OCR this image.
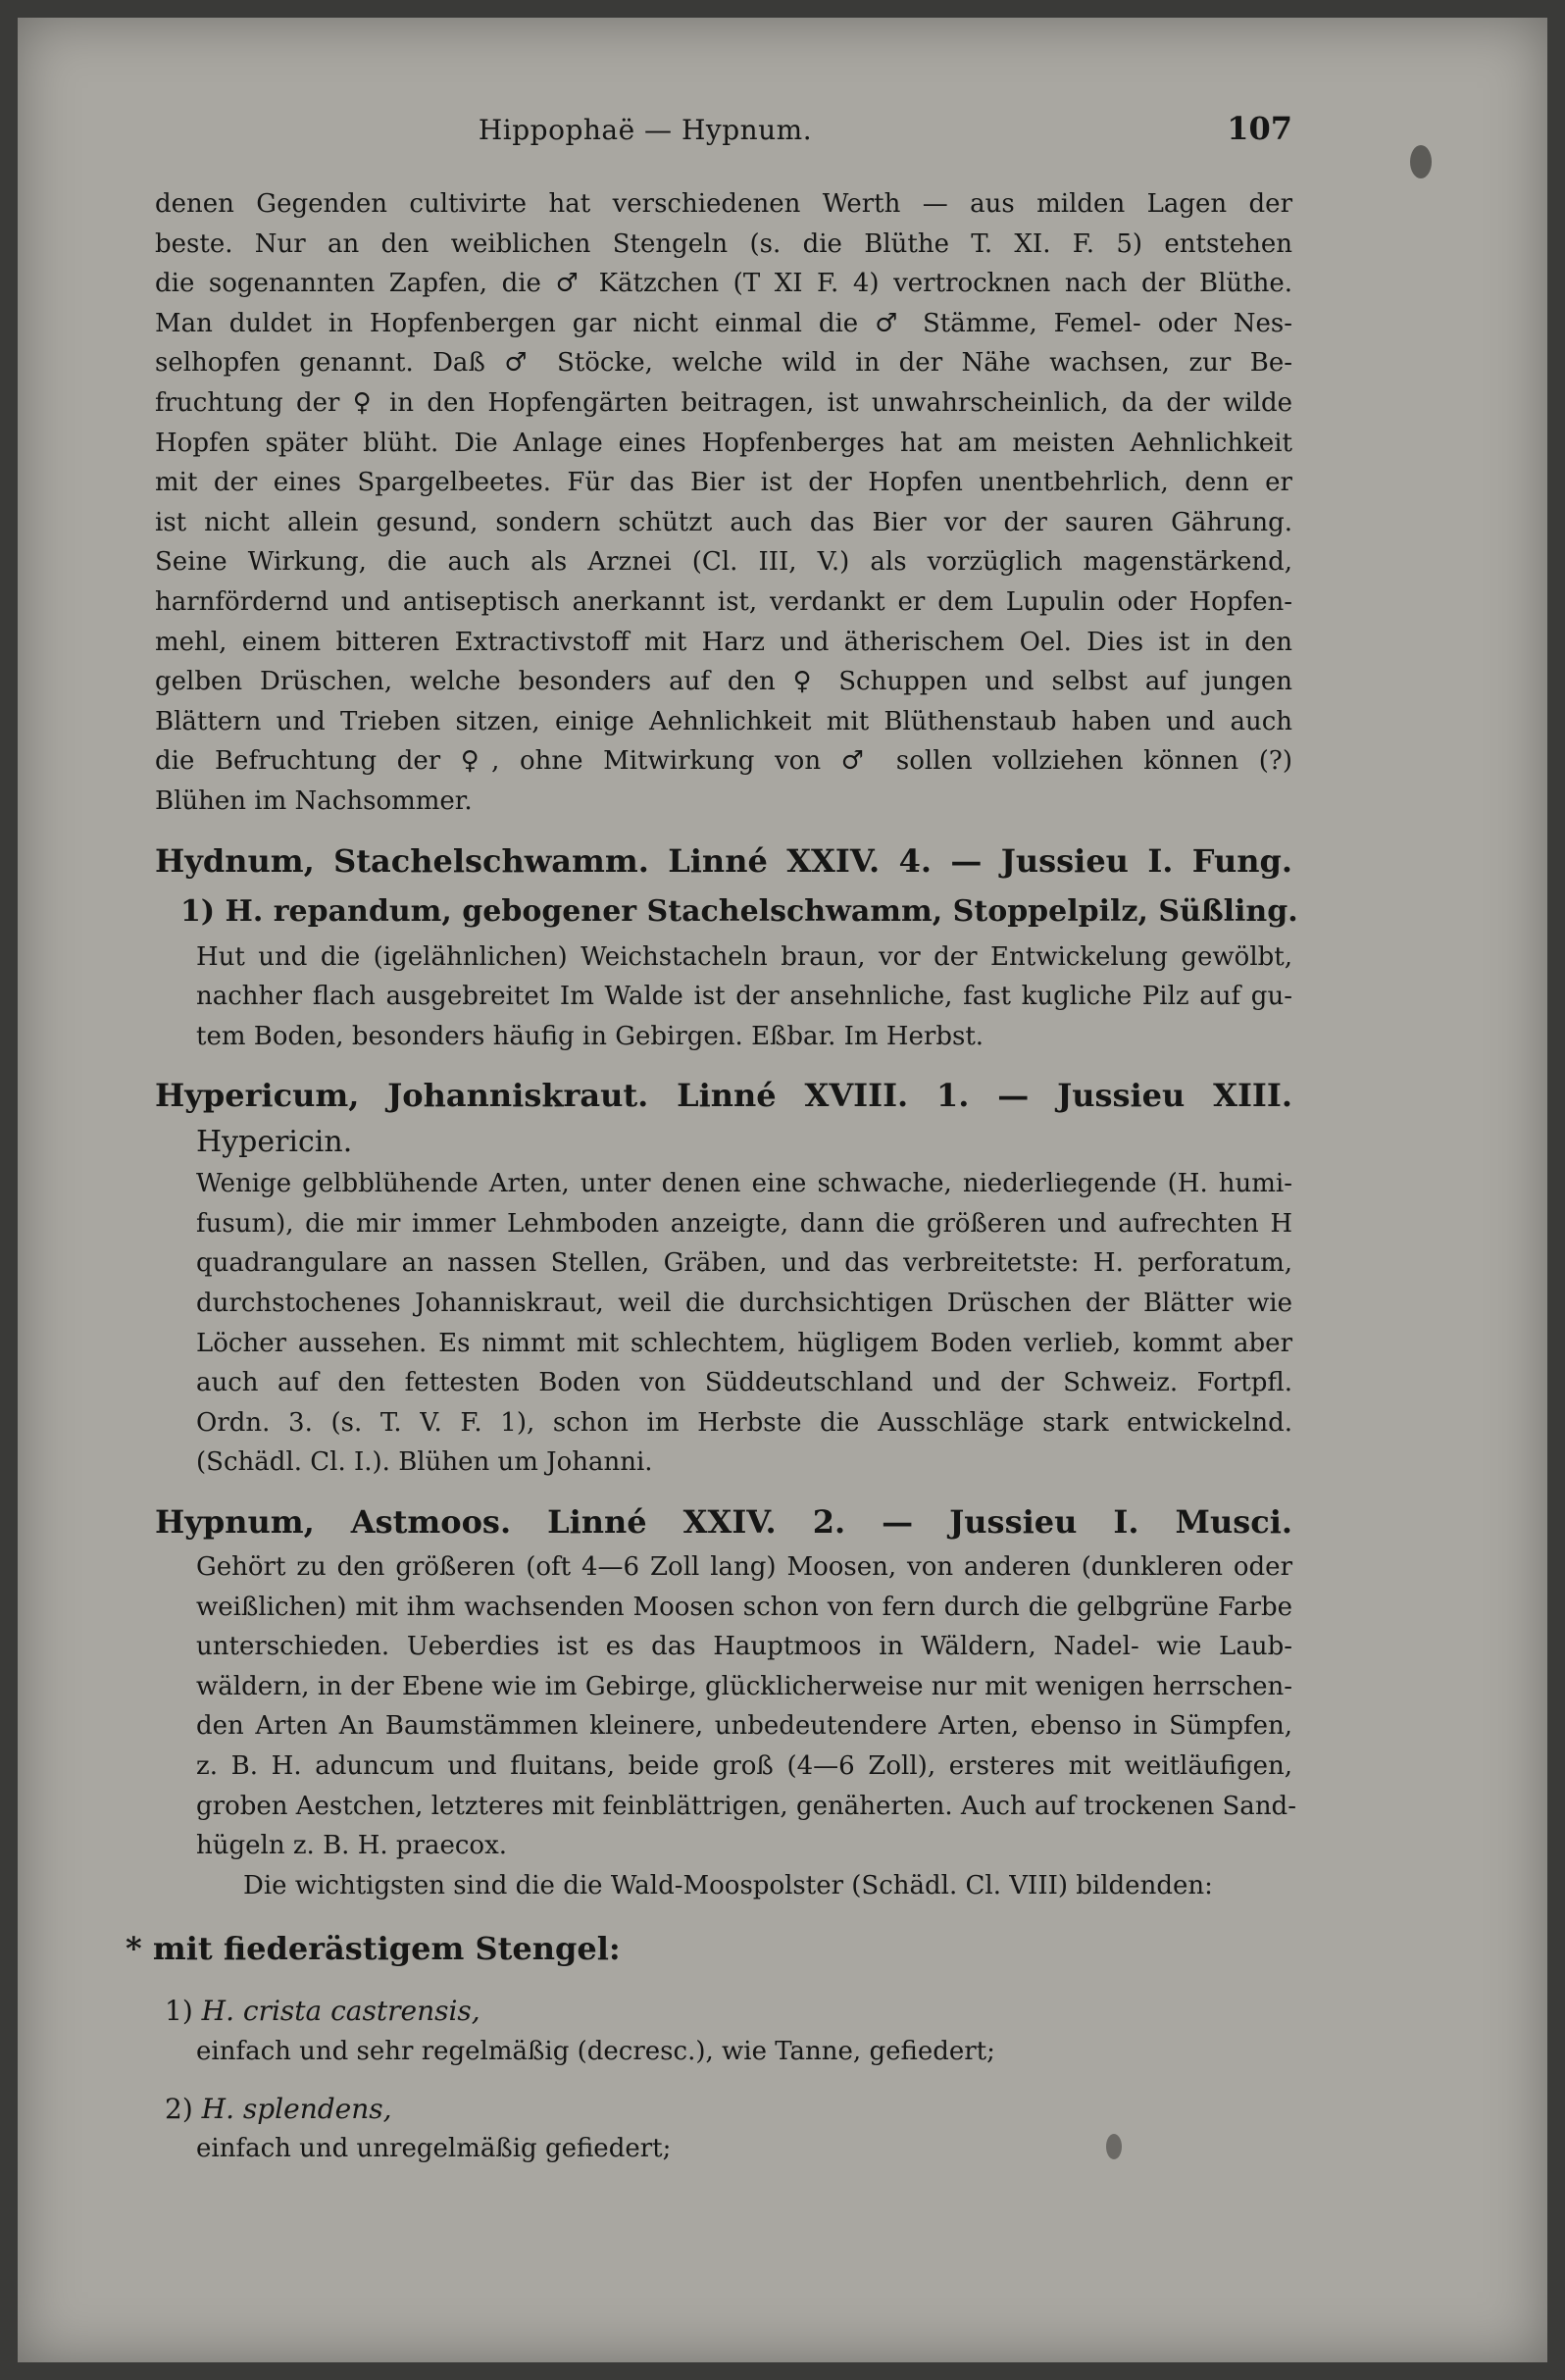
Hippophaë — Hypnum.	107
denen Gegenden cultivirte hat verschiedenen Werth — aus milden Lagen der
beste. Nur an den weiblichen Stengeln (s. die Blüthe T. XI. F. 5) entstehen
die sogenannten Zapfen, die ♂ Kätzchen (T XI F. 4) vertrocknen nach der Blüthe.
Man duldet in Hopfenbergen gar nicht einmal die ♂ Stämme, Femel- oder Nes-
selhopfen genannt. Daß ♂ Stöcke, welche wild in der Nähe wachsen, zur Be-
fruchtung der ♀ in den Hopfengärten beitragen, ist unwahrscheinlich, da der wilde
Hopfen später blüht. Die Anlage eines Hopfenberges hat am meisten Aehnlichkeit
mit der eines Spargelbeetes. Für das Bier ist der Hopfen unentbehrlich, denn er
ist nicht allein gesund, sondern schützt auch das Bier vor der sauren Gährung.
Seine Wirkung, die auch als Arznei (Cl. III, V.) als vorzüglich magenstärkend,
harnfördernd und antiseptisch anerkannt ist, verdankt er dem Lupulin oder Hopfen-
mehl, einem bitteren Extractivstoff mit Harz und ätherischem Oel. Dies ist in den
gelben Drüschen, welche besonders auf den ♀ Schuppen und selbst auf jungen
Blättern und Trieben sitzen, einige Aehnlichkeit mit Blüthenstaub haben und auch
die Befruchtung der ♀, ohne Mitwirkung von ♂ sollen vollziehen können (?)
Blühen im Nachsommer.
Hydnum, Stachelschwamm. Linné XXIV. 4. — Jussieu I. Fung.
1) H. repandum, gebogener Stachelschwamm, Stoppelpilz, Süßling.
Hut und die (igelähnlichen) Weichstacheln braun, vor der Entwickelung gewölbt,
nachher flach ausgebreitet Im Walde ist der ansehnliche, fast kugliche Pilz auf gu-
tem Boden, besonders häufig in Gebirgen. Eßbar. Im Herbst.
Hypericum, Johanniskraut. Linné XVIII. 1. — Jussieu XIII.
Hypericin.
Wenige gelbblühende Arten, unter denen eine schwache, niederliegende (H. humi-
fusum), die mir immer Lehmboden anzeigte, dann die größeren und aufrechten H
quadrangulare an nassen Stellen, Gräben, und das verbreitetste: H. perforatum,
durchstochenes Johanniskraut, weil die durchsichtigen Drüschen der Blätter wie
Löcher aussehen. Es nimmt mit schlechtem, hügligem Boden verlieb, kommt aber
auch auf den fettesten Boden von Süddeutschland und der Schweiz. Fortpfl.
Ordn. 3. (s. T. V. F. 1), schon im Herbste die Ausschläge stark entwickelnd.
(Schädl. Cl. I.). Blühen um Johanni.
Hypnum, Astmoos. Linné XXIV. 2. — Jussieu I. Musci.
Gehört zu den größeren (oft 4—6 Zoll lang) Moosen, von anderen (dunkleren oder
weißlichen) mit ihm wachsenden Moosen schon von fern durch die gelbgrüne Farbe
unterschieden. Ueberdies ist es das Hauptmoos in Wäldern, Nadel- wie Laub-
wäldern, in der Ebene wie im Gebirge, glücklicherweise nur mit wenigen herrschen-
den Arten An Baumstämmen kleinere, unbedeutendere Arten, ebenso in Sümpfen,
z. B. H. aduncum und fluitans, beide groß (4—6 Zoll), ersteres mit weitläufigen,
groben Aestchen, letzteres mit feinblättrigen, genäherten. Auch auf trockenen Sand-
hügeln z. B. H. praecox.
Die wichtigsten sind die die Wald-Moospolster (Schädl. Cl. VIII) bildenden:
* mit fiederästigem Stengel:
1) H. crista castrensis,
einfach und sehr regelmäßig (decresc.), wie Tanne, gefiedert;
2) H. splendens,
einfach und unregelmäßig gefiedert;
